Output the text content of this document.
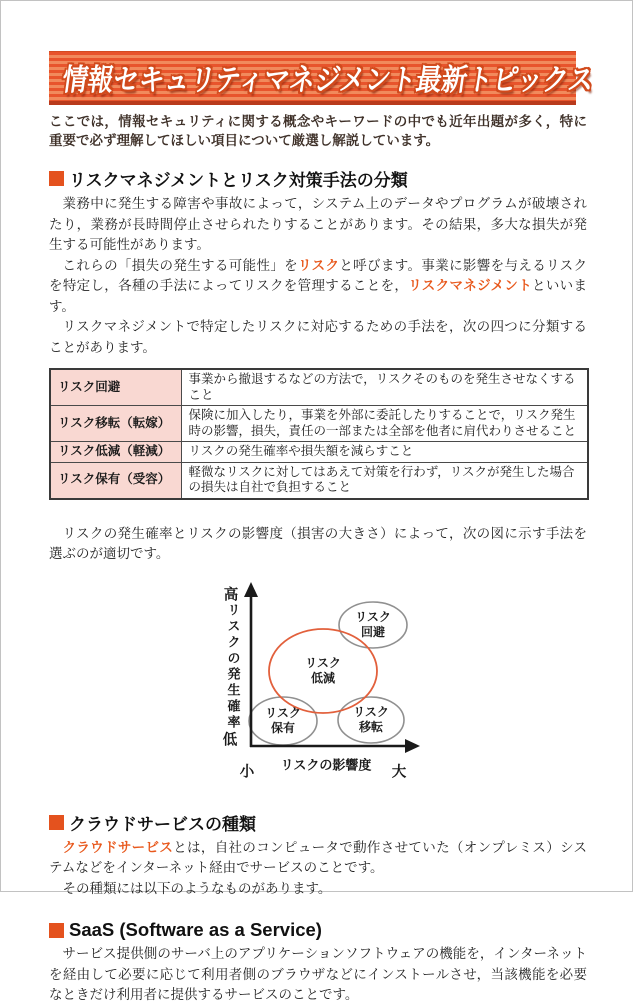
情報セキュリティマネジメント最新トピックス

ここでは，情報セキュリティに関する概念やキーワードの中でも近年出題が多く，特に重要で必ず理解してほしい項目について厳選し解説しています。

リスクマネジメントとリスク対策手法の分類

業務中に発生する障害や事故によって，システム上のデータやプログラムが破壊されたり，業務が長時間停止させられたりすることがあります。その結果，多大な損失が発生する可能性があります。

これらの「損失の発生する可能性」をリスクと呼びます。事業に影響を与えるリスクを特定し，各種の手法によってリスクを管理することを，リスクマネジメントといいます。

リスクマネジメントで特定したリスクに対応するための手法を，次の四つに分類することがあります。

リスク回避	事業から撤退するなどの方法で，リスクそのものを発生させなくすること
リスク移転（転嫁）	保険に加入したり，事業を外部に委託したりすることで，リスク発生時の影響，損失，責任の一部または全部を他者に肩代わりさせること
リスク低減（軽減）	リスクの発生確率や損失額を減らすこと
リスク保有（受容）	軽微なリスクに対してはあえて対策を行わず，リスクが発生した場合の損失は自社で負担すること

リスクの発生確率とリスクの影響度（損害の大きさ）によって，次の図に示す手法を選ぶのが適切です。

高
低
リスクの発生確率
小	大
リスクの影響度
リスク
回避
リスク
低減
リスク
保有
リスク
移転
クラウドサービスの種類

クラウドサービスとは，自社のコンピュータで動作させていた（オンプレミス）システムなどをインターネット経由でサービスのことです。

その種類には以下のようなものがあります。

SaaS (Software as a Service)

サービス提供側のサーバ上のアプリケーションソフトウェアの機能を，インターネットを経由して必要に応じて利用者側のブラウザなどにインストールさせ，当該機能を必要なときだけ利用者に提供するサービスのことです。
